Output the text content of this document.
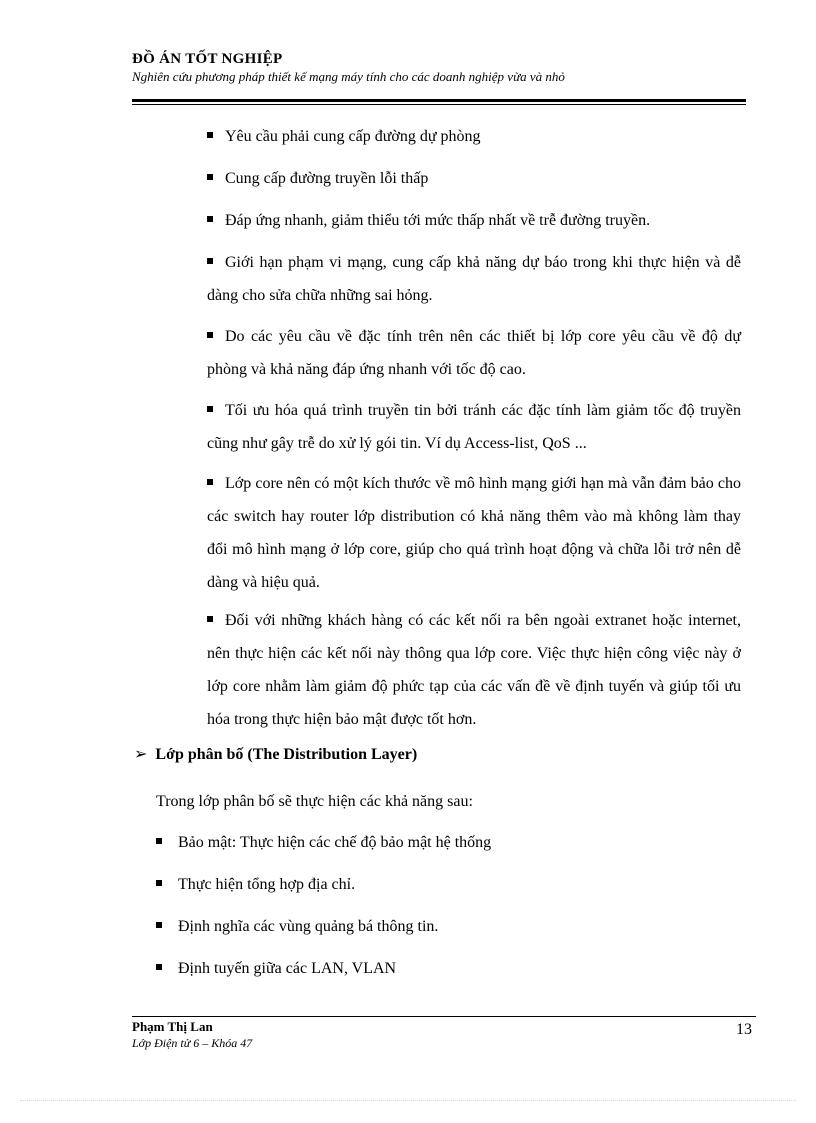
ĐỒ ÁN TỐT NGHIỆP
Nghiên cứu phương pháp thiết kế mạng máy tính cho các doanh nghiệp vừa và nhỏ
Yêu cầu phải cung cấp đường dự phòng
Cung cấp đường truyền lỗi thấp
Đáp ứng nhanh, giảm thiểu tới mức thấp nhất về trễ đường truyền.
Giới hạn phạm vi mạng, cung cấp khả năng dự báo trong khi thực hiện và dễ dàng cho sửa chữa những sai hỏng.
Do các yêu cầu về đặc tính trên nên các thiết bị lớp core yêu cầu về độ dự phòng và khả năng đáp ứng nhanh với tốc độ cao.
Tối ưu hóa quá trình truyền tin bởi tránh các đặc tính làm giảm tốc độ truyền cũng như gây trễ do xử lý gói tin. Ví dụ Access-list, QoS ...
Lớp core nên có một kích thước về mô hình mạng giới hạn mà vẫn đảm bảo cho các switch hay router lớp distribution có khả năng thêm vào mà không làm thay đổi mô hình mạng ở lớp core, giúp cho quá trình hoạt động và chữa lỗi trở nên dễ dàng và hiệu quả.
Đối với những khách hàng có các kết nối ra bên ngoài extranet hoặc internet, nên thực hiện các kết nối này thông qua lớp core. Việc thực hiện công việc này ở lớp core nhằm làm giảm độ phức tạp của các vấn đề về định tuyến và giúp tối ưu hóa trong thực hiện bảo mật được tốt hơn.
➢ Lớp phân bố (The Distribution Layer)
Trong lớp phân bố sẽ thực hiện các khả năng sau:
Bảo mật: Thực hiện các chế độ bảo mật hệ thống
Thực hiện tổng hợp địa chỉ.
Định nghĩa các vùng quảng bá thông tin.
Định tuyến giữa các LAN, VLAN
Phạm Thị Lan
Lớp Điện tử 6 – Khóa 47
13
